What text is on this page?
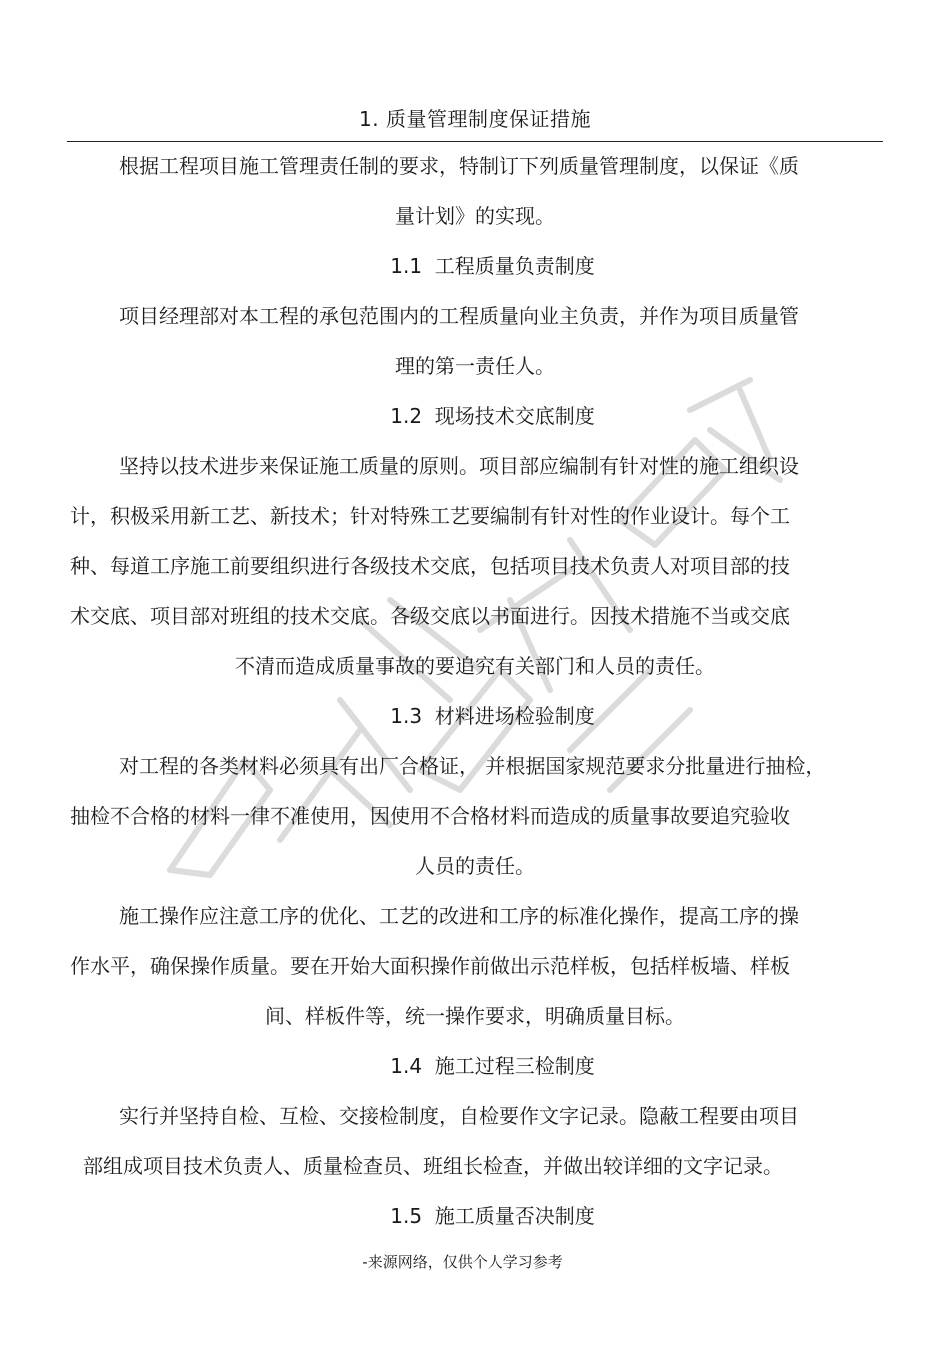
1. 质量管理制度保证措施
根据工程项目施工管理责任制的要求，特制订下列质量管理制度，以保证《质
量计划》的实现。
1.1  工程质量负责制度
项目经理部对本工程的承包范围内的工程质量向业主负责，并作为项目质量管
理的第一责任人。
1.2  现场技术交底制度
坚持以技术进步来保证施工质量的原则。项目部应编制有针对性的施工组织设
计，积极采用新工艺、新技术；针对特殊工艺要编制有针对性的作业设计。每个工
种、每道工序施工前要组织进行各级技术交底，包括项目技术负责人对项目部的技
术交底、项目部对班组的技术交底。各级交底以书面进行。因技术措施不当或交底
不清而造成质量事故的要追究有关部门和人员的责任。
1.3  材料进场检验制度
对工程的各类材料必须具有出厂合格证， 并根据国家规范要求分批量进行抽检，
抽检不合格的材料一律不准使用，因使用不合格材料而造成的质量事故要追究验收
人员的责任。
施工操作应注意工序的优化、工艺的改进和工序的标准化操作，提高工序的操
作水平，确保操作质量。要在开始大面积操作前做出示范样板，包括样板墙、样板
间、样板件等，统一操作要求，明确质量目标。
1.4  施工过程三检制度
实行并坚持自检、互检、交接检制度，自检要作文字记录。隐蔽工程要由项目
部组成项目技术负责人、质量检查员、班组长检查，并做出较详细的文字记录。
1.5  施工质量否决制度
-来源网络，仅供个人学习参考
